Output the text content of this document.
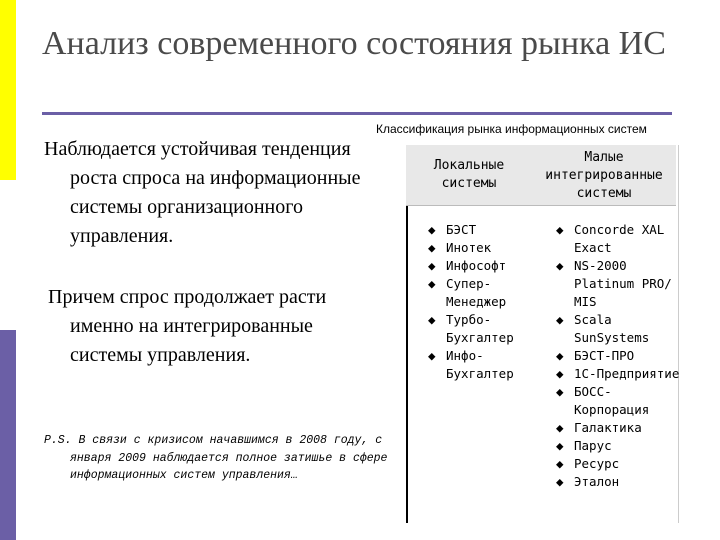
Анализ современного состояния рынка ИС
Наблюдается устойчивая тенденция роста спроса на информационные системы организационного управления.
Причем спрос продолжает расти именно на интегрированные системы управления.
P.S. В связи с кризисом начавшимся в 2008 году, с января 2009 наблюдается полное затишье в сфере информационных систем управления…
Классификация рынка информационных систем
Локальные системы
Малые интегрированные системы
◆ БЭСТ
◆ Инотек
◆ Инфософт
◆ Супер-Менеджер
◆ Турбо-Бухгалтер
◆ Инфо-Бухгалтер
◆ Concorde XAL Exact
◆ NS-2000 Platinum PRO/ MIS
◆ Scala SunSystems
◆ БЭСТ-ПРО
◆ 1С-Предприятие
◆ БОСС-Корпорация
◆ Галактика
◆ Парус
◆ Ресурс
◆ Эталон
